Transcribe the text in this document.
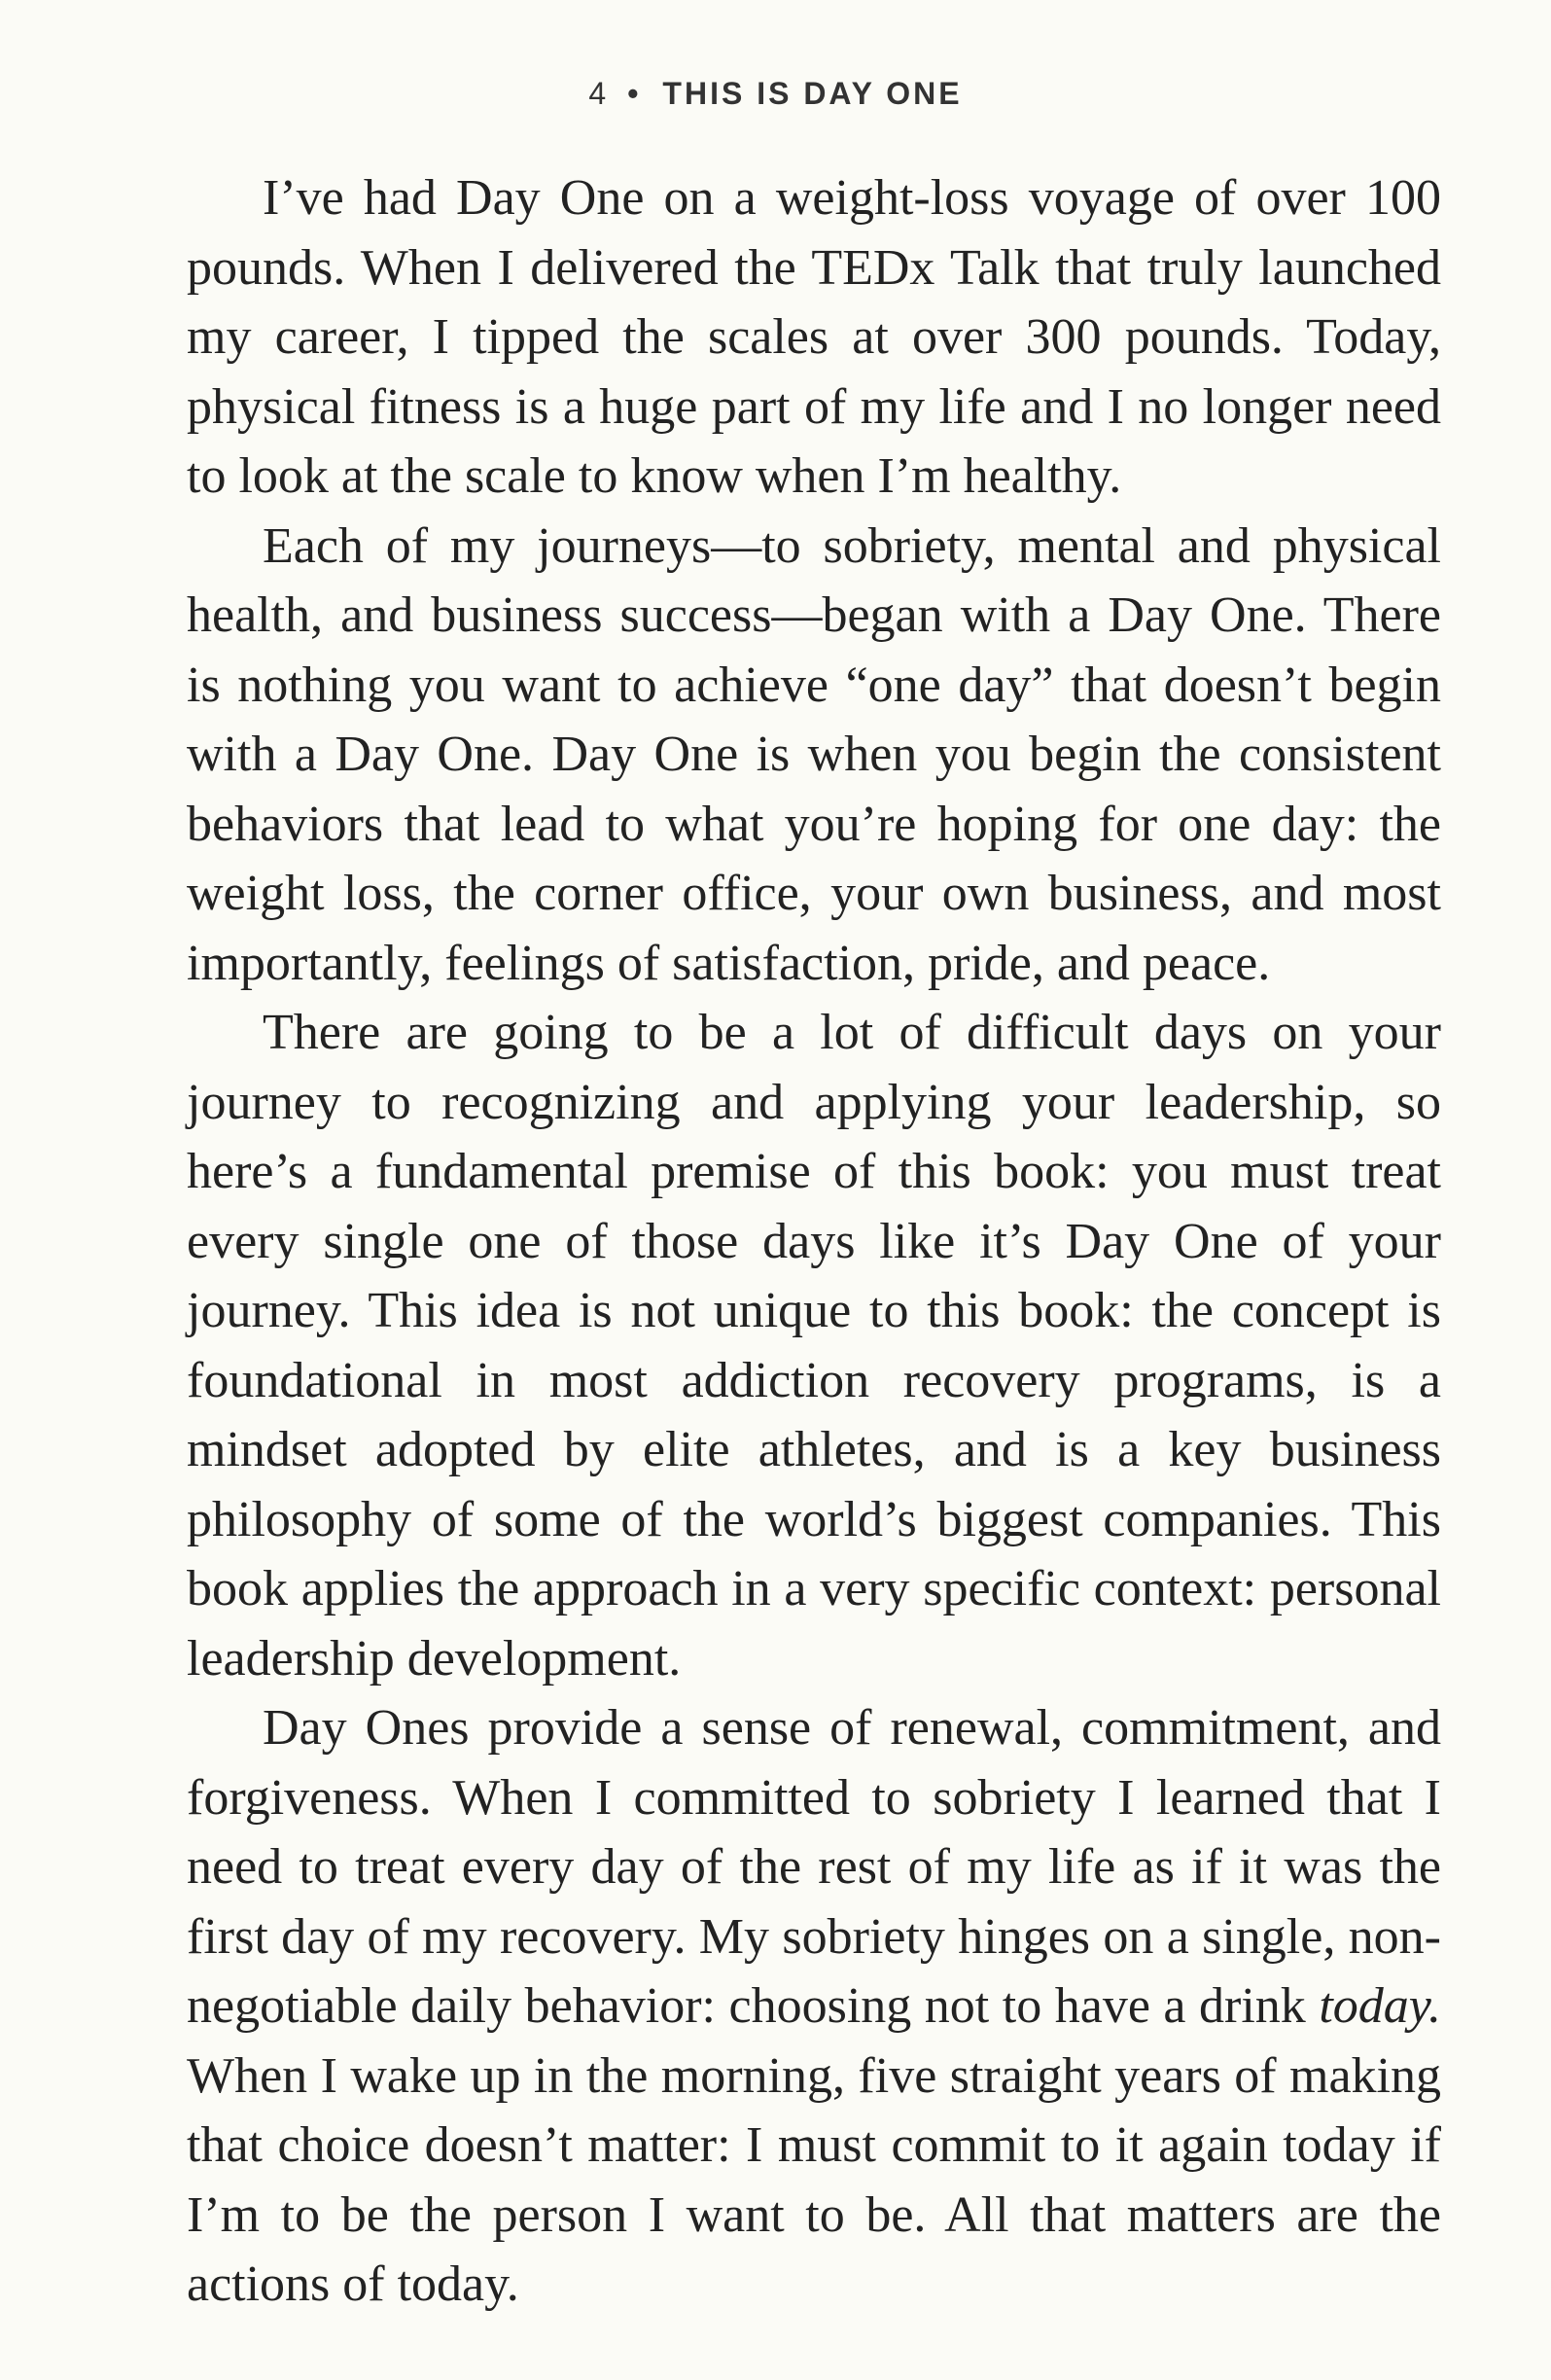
4 • THIS IS DAY ONE

I’ve had Day One on a weight-loss voyage of over 100 pounds. When I delivered the TEDx Talk that truly launched my career, I tipped the scales at over 300 pounds. Today, physical fitness is a huge part of my life and I no longer need to look at the scale to know when I’m healthy.

Each of my journeys—to sobriety, mental and physical health, and business success—began with a Day One. There is nothing you want to achieve “one day” that doesn’t begin with a Day One. Day One is when you begin the consistent behaviors that lead to what you’re hoping for one day: the weight loss, the corner office, your own business, and most importantly, feelings of satisfaction, pride, and peace.

There are going to be a lot of difficult days on your journey to recognizing and applying your leadership, so here’s a fundamental premise of this book: you must treat every single one of those days like it’s Day One of your journey. This idea is not unique to this book: the concept is foundational in most addiction recovery programs, is a mindset adopted by elite athletes, and is a key business philosophy of some of the world’s biggest companies. This book applies the approach in a very specific context: personal leadership development.

Day Ones provide a sense of renewal, commitment, and forgiveness. When I committed to sobriety I learned that I need to treat every day of the rest of my life as if it was the first day of my recovery. My sobriety hinges on a single, nonnegotiable daily behavior: choosing not to have a drink today. When I wake up in the morning, five straight years of making that choice doesn’t matter: I must commit to it again today if I’m to be the person I want to be. All that matters are the actions of today.
